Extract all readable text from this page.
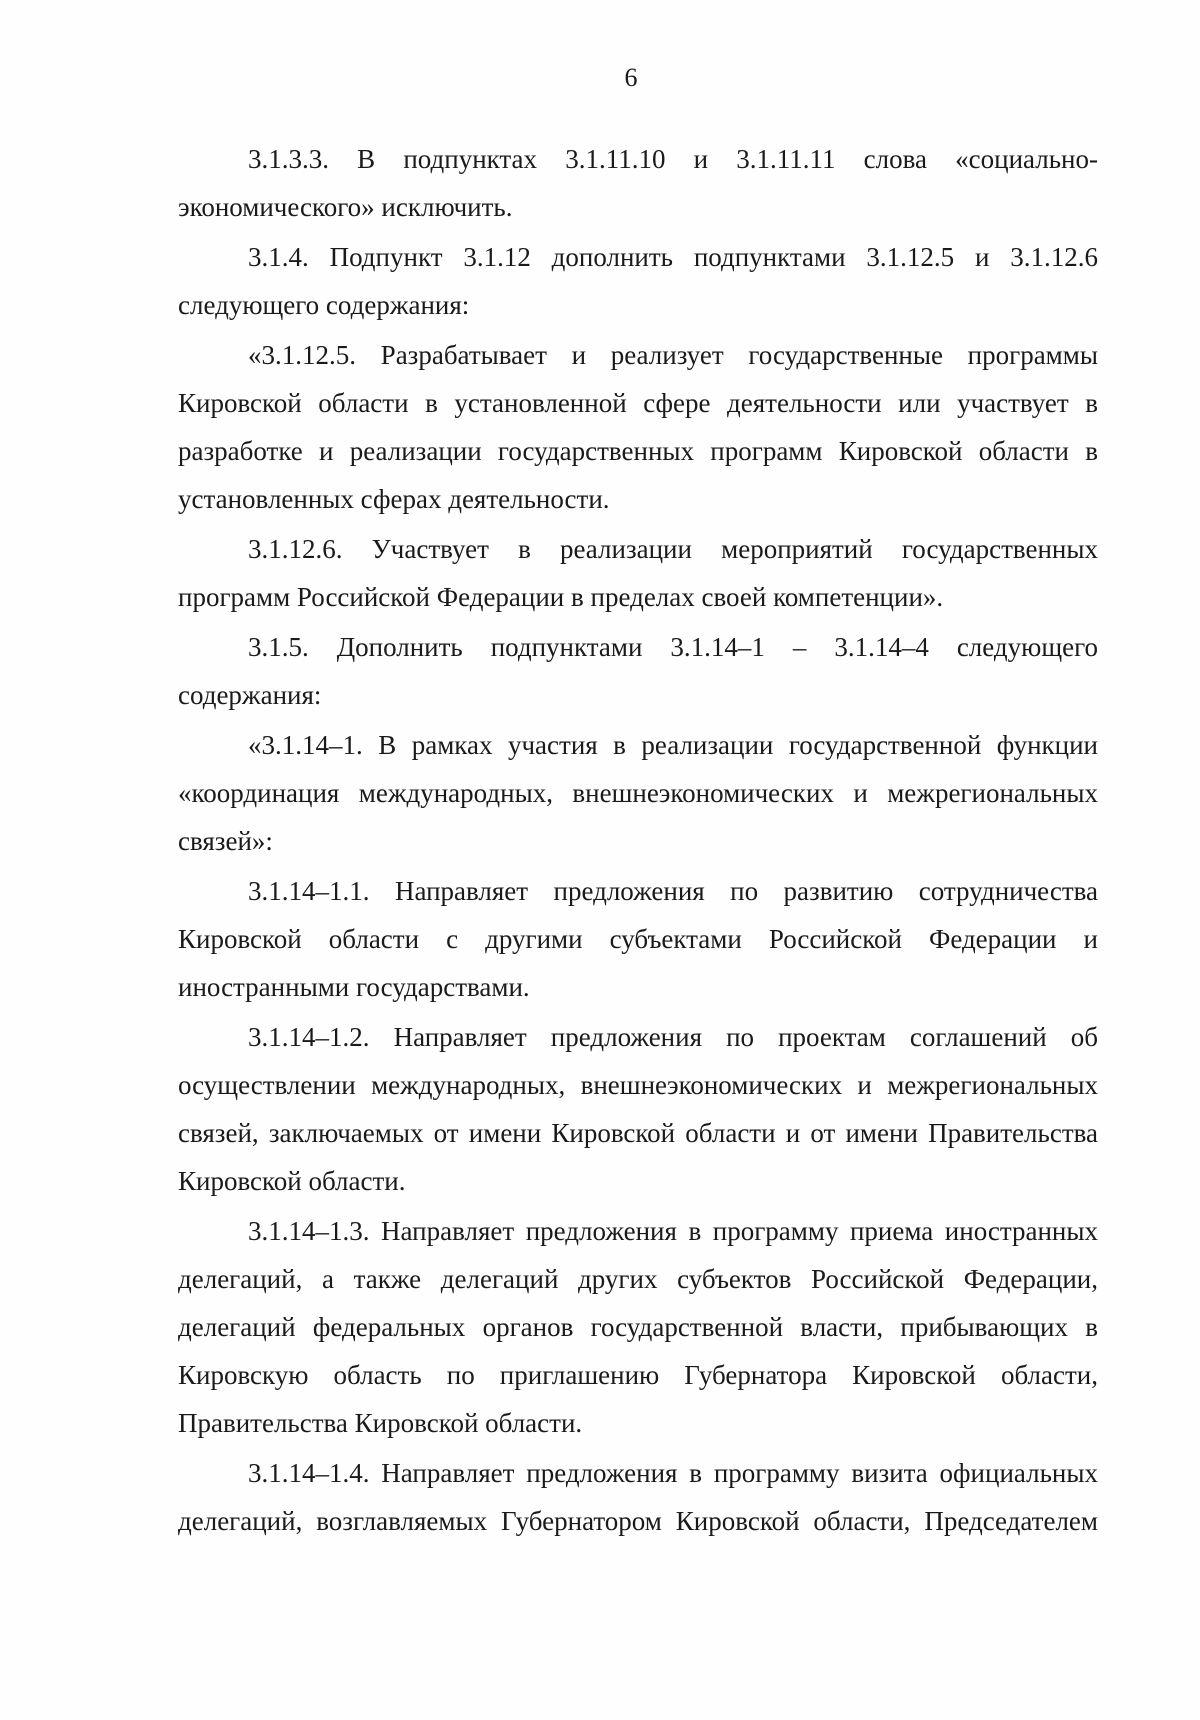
6

3.1.3.3. В подпунктах 3.1.11.10 и 3.1.11.11 слова «социально-экономического» исключить.

3.1.4. Подпункт 3.1.12 дополнить подпунктами 3.1.12.5 и 3.1.12.6 следующего содержания:

«3.1.12.5. Разрабатывает и реализует государственные программы Кировской области в установленной сфере деятельности или участвует в разработке и реализации государственных программ Кировской области в установленных сферах деятельности.

3.1.12.6. Участвует в реализации мероприятий государственных программ Российской Федерации в пределах своей компетенции».

3.1.5. Дополнить подпунктами 3.1.14–1 – 3.1.14–4 следующего содержания:

«3.1.14–1. В рамках участия в реализации государственной функции «координация международных, внешнеэкономических и межрегиональных связей»:

3.1.14–1.1. Направляет предложения по развитию сотрудничества Кировской области с другими субъектами Российской Федерации и иностранными государствами.

3.1.14–1.2. Направляет предложения по проектам соглашений об осуществлении международных, внешнеэкономических и межрегиональных связей, заключаемых от имени Кировской области и от имени Правительства Кировской области.

3.1.14–1.3. Направляет предложения в программу приема иностранных делегаций, а также делегаций других субъектов Российской Федерации, делегаций федеральных органов государственной власти, прибывающих в Кировскую область по приглашению Губернатора Кировской области, Правительства Кировской области.

3.1.14–1.4. Направляет предложения в программу визита официальных делегаций, возглавляемых Губернатором Кировской области, Председателем
